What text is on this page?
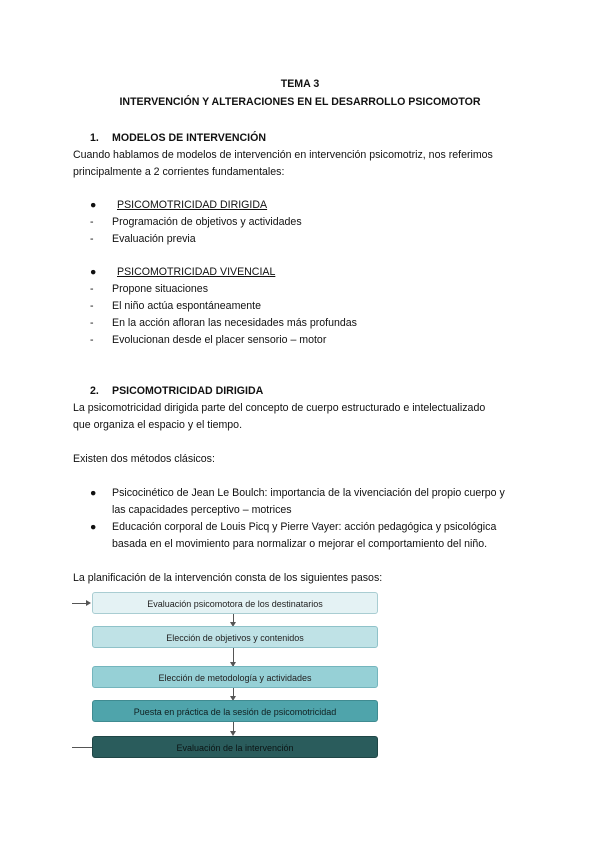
TEMA 3

INTERVENCIÓN Y ALTERACIONES EN EL DESARROLLO PSICOMOTOR

1. MODELOS DE INTERVENCIÓN

Cuando hablamos de modelos de intervención en intervención psicomotriz, nos referimos

principalmente a 2 corrientes fundamentales:

● PSICOMOTRICIDAD DIRIGIDA

- Programación de objetivos y actividades

- Evaluación previa

● PSICOMOTRICIDAD VIVENCIAL

- Propone situaciones

- El niño actúa espontáneamente

- En la acción afloran las necesidades más profundas

- Evolucionan desde el placer sensorio – motor

2. PSICOMOTRICIDAD DIRIGIDA

La psicomotricidad dirigida parte del concepto de cuerpo estructurado e intelectualizado

que organiza el espacio y el tiempo.

Existen dos métodos clásicos:

● Psicocinético de Jean Le Boulch: importancia de la vivenciación del propio cuerpo y

las capacidades perceptivo – motrices

● Educación corporal de Louis Picq y Pierre Vayer: acción pedagógica y psicológica

basada en el movimiento para normalizar o mejorar el comportamiento del niño.

La planificación de la intervención consta de los siguientes pasos:

Evaluación psicomotora de los destinatarios
Elección de objetivos y contenidos
Elección de metodología y actividades
Puesta en práctica de la sesión de psicomotricidad
Evaluación de la intervención
